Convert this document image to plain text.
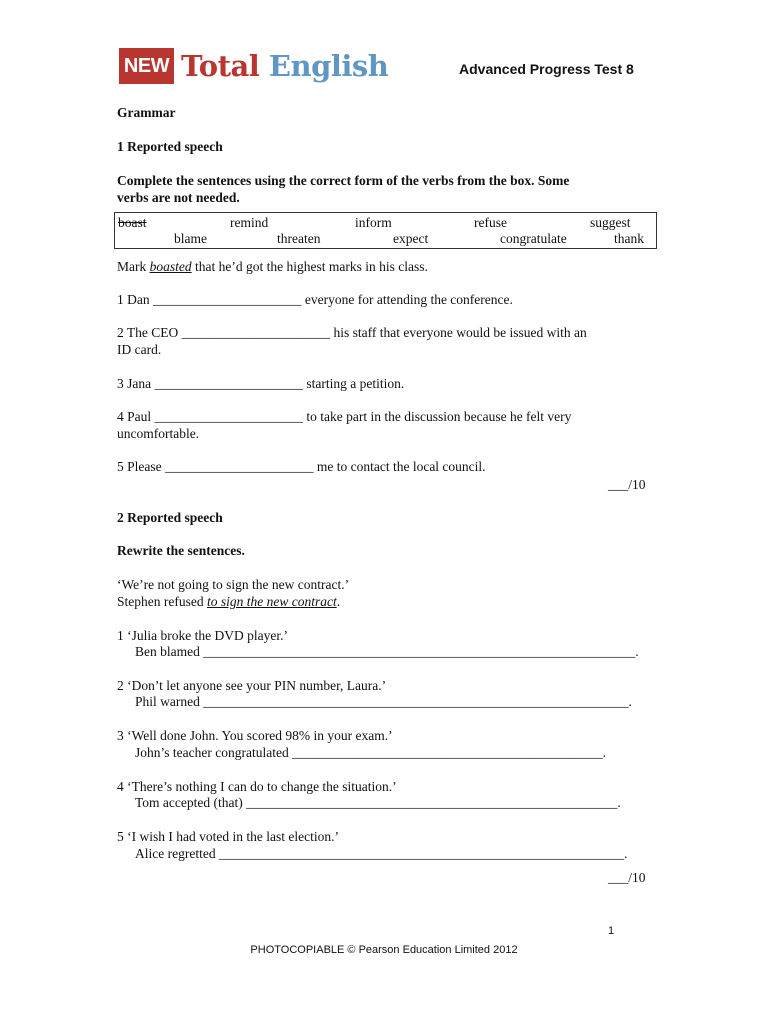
NEW Total English	Advanced Progress Test 8
Grammar
1 Reported speech
Complete the sentences using the correct form of the verbs from the box. Some
verbs are not needed.
boast	remind	inform	refuse	suggest
blame	threaten	expect	congratulate	thank
Mark boasted that he’d got the highest marks in his class.
1 Dan ______________________ everyone for attending the conference.
2 The CEO ______________________ his staff that everyone would be issued with an
ID card.
3 Jana ______________________ starting a petition.
4 Paul ______________________ to take part in the discussion because he felt very
uncomfortable.
5 Please ______________________ me to contact the local council.
___/10
2 Reported speech
Rewrite the sentences.
‘We’re not going to sign the new contract.’
Stephen refused to sign the new contract.
1 ‘Julia broke the DVD player.’
Ben blamed ________________________________________________________________.
2 ‘Don’t let anyone see your PIN number, Laura.’
Phil warned _______________________________________________________________.
3 ‘Well done John. You scored 98% in your exam.’
John’s teacher congratulated ______________________________________________.
4 ‘There’s nothing I can do to change the situation.’
Tom accepted (that) _______________________________________________________.
5 ‘I wish I had voted in the last election.’
Alice regretted ____________________________________________________________.
___/10
1
PHOTOCOPIABLE © Pearson Education Limited 2012
